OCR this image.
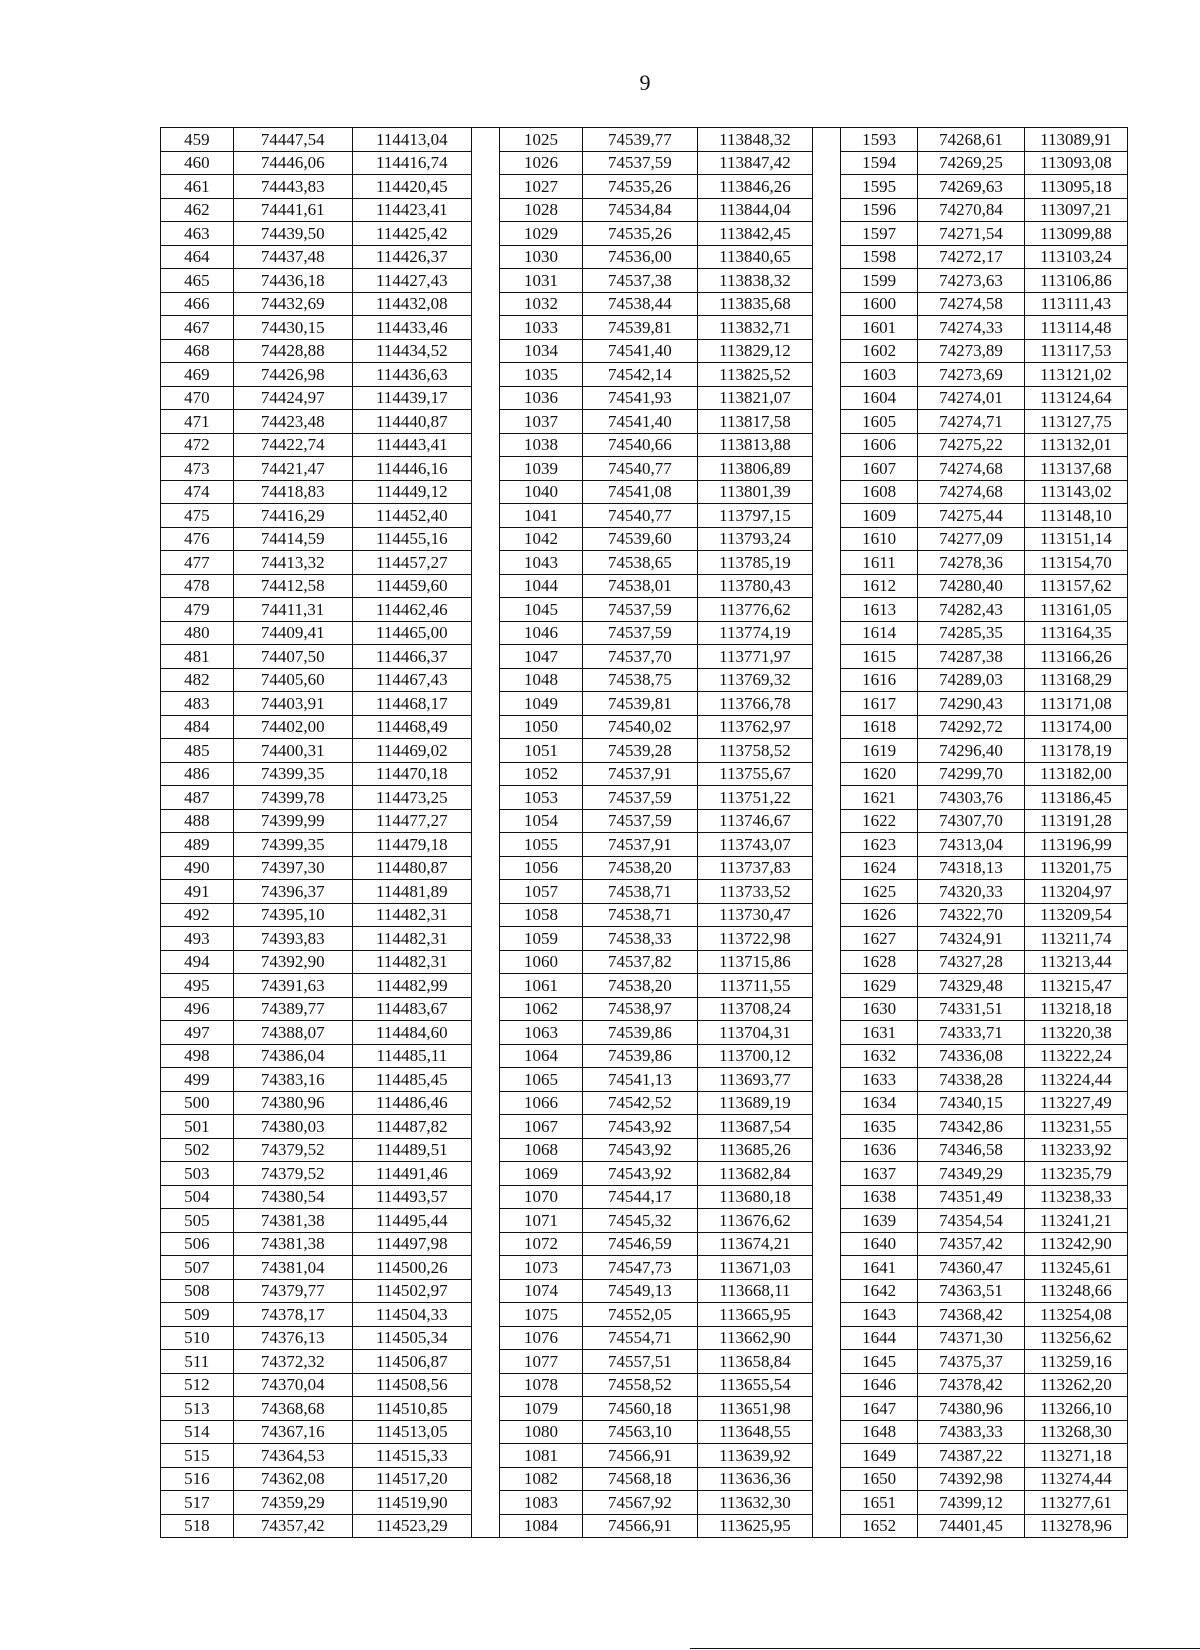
9
459	74447,54	114413,04		1025	74539,77	113848,32		1593	74268,61	113089,91
460	74446,06	114416,74		1026	74537,59	113847,42		1594	74269,25	113093,08
461	74443,83	114420,45		1027	74535,26	113846,26		1595	74269,63	113095,18
462	74441,61	114423,41		1028	74534,84	113844,04		1596	74270,84	113097,21
463	74439,50	114425,42		1029	74535,26	113842,45		1597	74271,54	113099,88
464	74437,48	114426,37		1030	74536,00	113840,65		1598	74272,17	113103,24
465	74436,18	114427,43		1031	74537,38	113838,32		1599	74273,63	113106,86
466	74432,69	114432,08		1032	74538,44	113835,68		1600	74274,58	113111,43
467	74430,15	114433,46		1033	74539,81	113832,71		1601	74274,33	113114,48
468	74428,88	114434,52		1034	74541,40	113829,12		1602	74273,89	113117,53
469	74426,98	114436,63		1035	74542,14	113825,52		1603	74273,69	113121,02
470	74424,97	114439,17		1036	74541,93	113821,07		1604	74274,01	113124,64
471	74423,48	114440,87		1037	74541,40	113817,58		1605	74274,71	113127,75
472	74422,74	114443,41		1038	74540,66	113813,88		1606	74275,22	113132,01
473	74421,47	114446,16		1039	74540,77	113806,89		1607	74274,68	113137,68
474	74418,83	114449,12		1040	74541,08	113801,39		1608	74274,68	113143,02
475	74416,29	114452,40		1041	74540,77	113797,15		1609	74275,44	113148,10
476	74414,59	114455,16		1042	74539,60	113793,24		1610	74277,09	113151,14
477	74413,32	114457,27		1043	74538,65	113785,19		1611	74278,36	113154,70
478	74412,58	114459,60		1044	74538,01	113780,43		1612	74280,40	113157,62
479	74411,31	114462,46		1045	74537,59	113776,62		1613	74282,43	113161,05
480	74409,41	114465,00		1046	74537,59	113774,19		1614	74285,35	113164,35
481	74407,50	114466,37		1047	74537,70	113771,97		1615	74287,38	113166,26
482	74405,60	114467,43		1048	74538,75	113769,32		1616	74289,03	113168,29
483	74403,91	114468,17		1049	74539,81	113766,78		1617	74290,43	113171,08
484	74402,00	114468,49		1050	74540,02	113762,97		1618	74292,72	113174,00
485	74400,31	114469,02		1051	74539,28	113758,52		1619	74296,40	113178,19
486	74399,35	114470,18		1052	74537,91	113755,67		1620	74299,70	113182,00
487	74399,78	114473,25		1053	74537,59	113751,22		1621	74303,76	113186,45
488	74399,99	114477,27		1054	74537,59	113746,67		1622	74307,70	113191,28
489	74399,35	114479,18		1055	74537,91	113743,07		1623	74313,04	113196,99
490	74397,30	114480,87		1056	74538,20	113737,83		1624	74318,13	113201,75
491	74396,37	114481,89		1057	74538,71	113733,52		1625	74320,33	113204,97
492	74395,10	114482,31		1058	74538,71	113730,47		1626	74322,70	113209,54
493	74393,83	114482,31		1059	74538,33	113722,98		1627	74324,91	113211,74
494	74392,90	114482,31		1060	74537,82	113715,86		1628	74327,28	113213,44
495	74391,63	114482,99		1061	74538,20	113711,55		1629	74329,48	113215,47
496	74389,77	114483,67		1062	74538,97	113708,24		1630	74331,51	113218,18
497	74388,07	114484,60		1063	74539,86	113704,31		1631	74333,71	113220,38
498	74386,04	114485,11		1064	74539,86	113700,12		1632	74336,08	113222,24
499	74383,16	114485,45		1065	74541,13	113693,77		1633	74338,28	113224,44
500	74380,96	114486,46		1066	74542,52	113689,19		1634	74340,15	113227,49
501	74380,03	114487,82		1067	74543,92	113687,54		1635	74342,86	113231,55
502	74379,52	114489,51		1068	74543,92	113685,26		1636	74346,58	113233,92
503	74379,52	114491,46		1069	74543,92	113682,84		1637	74349,29	113235,79
504	74380,54	114493,57		1070	74544,17	113680,18		1638	74351,49	113238,33
505	74381,38	114495,44		1071	74545,32	113676,62		1639	74354,54	113241,21
506	74381,38	114497,98		1072	74546,59	113674,21		1640	74357,42	113242,90
507	74381,04	114500,26		1073	74547,73	113671,03		1641	74360,47	113245,61
508	74379,77	114502,97		1074	74549,13	113668,11		1642	74363,51	113248,66
509	74378,17	114504,33		1075	74552,05	113665,95		1643	74368,42	113254,08
510	74376,13	114505,34		1076	74554,71	113662,90		1644	74371,30	113256,62
511	74372,32	114506,87		1077	74557,51	113658,84		1645	74375,37	113259,16
512	74370,04	114508,56		1078	74558,52	113655,54		1646	74378,42	113262,20
513	74368,68	114510,85		1079	74560,18	113651,98		1647	74380,96	113266,10
514	74367,16	114513,05		1080	74563,10	113648,55		1648	74383,33	113268,30
515	74364,53	114515,33		1081	74566,91	113639,92		1649	74387,22	113271,18
516	74362,08	114517,20		1082	74568,18	113636,36		1650	74392,98	113274,44
517	74359,29	114519,90		1083	74567,92	113632,30		1651	74399,12	113277,61
518	74357,42	114523,29		1084	74566,91	113625,95		1652	74401,45	113278,96
